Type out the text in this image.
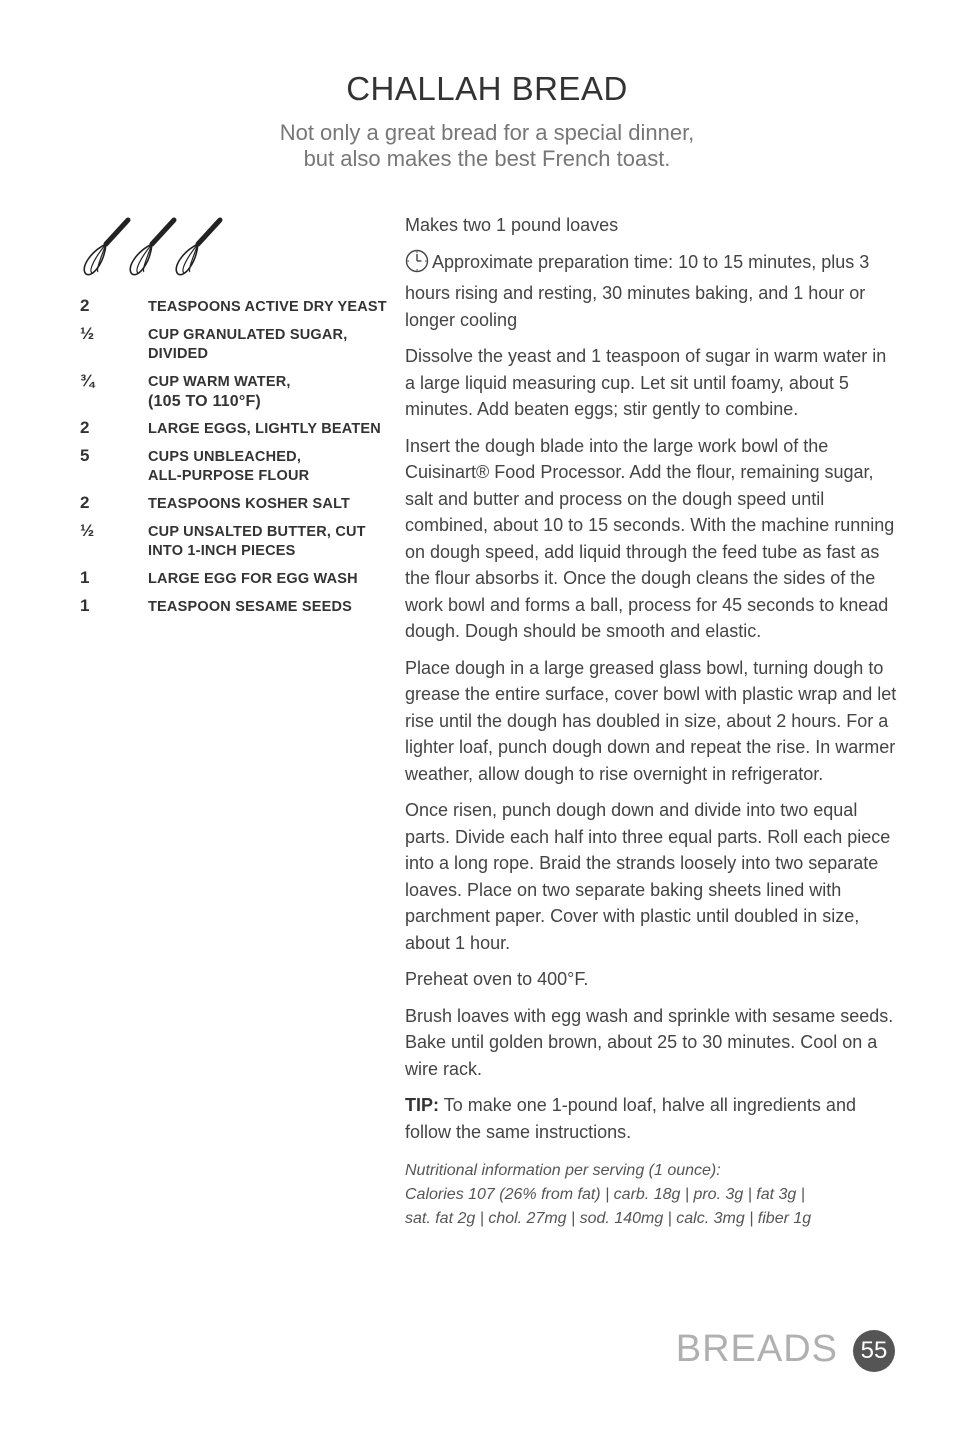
CHALLAH BREAD
Not only a great bread for a special dinner,
but also makes the best French toast.
2	TEASPOONS ACTIVE DRY YEAST
½	CUP GRANULATED SUGAR,
DIVIDED
¾	CUP WARM WATER,
(105 TO 110°F)
2	LARGE EGGS, LIGHTLY BEATEN
5	CUPS UNBLEACHED,
ALL-PURPOSE FLOUR
2	TEASPOONS KOSHER SALT
½	CUP UNSALTED BUTTER, CUT
INTO 1-INCH PIECES
1	LARGE EGG FOR EGG WASH
1	TEASPOON SESAME SEEDS

Makes two 1 pound loaves

Approximate preparation time: 10 to 15 minutes, plus 3 hours rising and resting, 30 minutes baking, and 1 hour or longer cooling

Dissolve the yeast and 1 teaspoon of sugar in warm water in a large liquid measuring cup. Let sit until foamy, about 5 minutes. Add beaten eggs; stir gently to combine.

Insert the dough blade into the large work bowl of the Cuisinart® Food Processor. Add the flour, remaining sugar, salt and butter and process on the dough speed until combined, about 10 to 15 seconds. With the machine running on dough speed, add liquid through the feed tube as fast as the flour absorbs it. Once the dough cleans the sides of the work bowl and forms a ball, process for 45 seconds to knead dough. Dough should be smooth and elastic.

Place dough in a large greased glass bowl, turning dough to grease the entire surface, cover bowl with plastic wrap and let rise until the dough has doubled in size, about 2 hours. For a lighter loaf, punch dough down and repeat the rise. In warmer weather, allow dough to rise overnight in refrigerator.

Once risen, punch dough down and divide into two equal parts. Divide each half into three equal parts. Roll each piece into a long rope. Braid the strands loosely into two separate loaves. Place on two separate baking sheets lined with parchment paper. Cover with plastic until doubled in size, about 1 hour.

Preheat oven to 400°F.

Brush loaves with egg wash and sprinkle with sesame seeds. Bake until golden brown, about 25 to 30 minutes. Cool on a wire rack.

TIP: To make one 1-pound loaf, halve all ingredients and follow the same instructions.

Nutritional information per serving (1 ounce):
Calories 107 (26% from fat) | carb. 18g | pro. 3g | fat 3g |
sat. fat 2g | chol. 27mg | sod. 140mg | calc. 3mg | fiber 1g
BREADS 55
